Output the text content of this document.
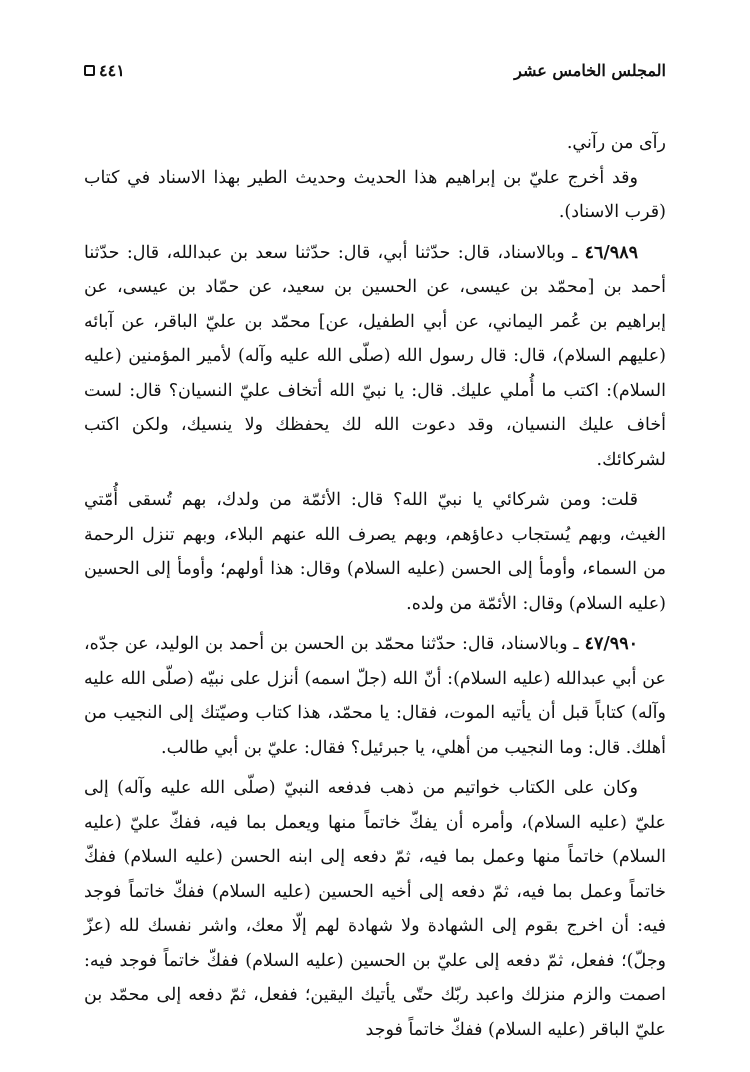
المجلس الخامس عشر
٤٤١

رآى من رآني.

وقد أخرج عليّ بن إبراهيم هذا الحديث وحديث الطير بهذا الاسناد في كتاب (قرب الاسناد).

٤٦/٩٨٩ ـ وبالاسناد، قال: حدّثنا أبي، قال: حدّثنا سعد بن عبدالله، قال: حدّثنا أحمد بن [محمّد بن عيسى، عن الحسين بن سعيد، عن حمّاد بن عيسى، عن إبراهيم بن عُمر اليماني، عن أبي الطفيل، عن] محمّد بن عليّ الباقر، عن آبائه (عليهم السلام)، قال: قال رسول الله (صلّى الله عليه وآله) لأمير المؤمنين (عليه السلام): اكتب ما أُملي عليك. قال: يا نبيّ الله أتخاف عليّ النسيان؟ قال: لست أخاف عليك النسيان، وقد دعوت الله لك يحفظك ولا ينسيك، ولكن اكتب لشركائك.

قلت: ومن شركائي يا نبيّ الله؟ قال: الأئمّة من ولدك، بهم تُسقى أُمّتي الغيث، وبهم يُستجاب دعاؤهم، وبهم يصرف الله عنهم البلاء، وبهم تنزل الرحمة من السماء، وأومأ إلى الحسن (عليه السلام) وقال: هذا أولهم؛ وأومأ إلى الحسين (عليه السلام) وقال: الأئمّة من ولده.

٤٧/٩٩٠ ـ وبالاسناد، قال: حدّثنا محمّد بن الحسن بن أحمد بن الوليد، عن جدّه، عن أبي عبدالله (عليه السلام): أنّ الله (جلّ اسمه) أنزل على نبيّه (صلّى الله عليه وآله) كتاباً قبل أن يأتيه الموت، فقال: يا محمّد، هذا كتاب وصيّتك إلى النجيب من أهلك. قال: وما النجيب من أهلي، يا جبرئيل؟ فقال: عليّ بن أبي طالب.

وكان على الكتاب خواتيم من ذهب فدفعه النبيّ (صلّى الله عليه وآله) إلى عليّ (عليه السلام)، وأمره أن يفكّ خاتماً منها ويعمل بما فيه، ففكّ عليّ (عليه السلام) خاتماً منها وعمل بما فيه، ثمّ دفعه إلى ابنه الحسن (عليه السلام) ففكّ خاتماً وعمل بما فيه، ثمّ دفعه إلى أخيه الحسين (عليه السلام) ففكّ خاتماً فوجد فيه: أن اخرج بقوم إلى الشهادة ولا شهادة لهم إلّا معك، واشر نفسك لله (عزّ وجلّ)؛ ففعل، ثمّ دفعه إلى عليّ بن الحسين (عليه السلام) ففكّ خاتماً فوجد فيه: اصمت والزم منزلك واعبد ربّك حتّى يأتيك اليقين؛ ففعل، ثمّ دفعه إلى محمّد بن عليّ الباقر (عليه السلام) ففكّ خاتماً فوجد
